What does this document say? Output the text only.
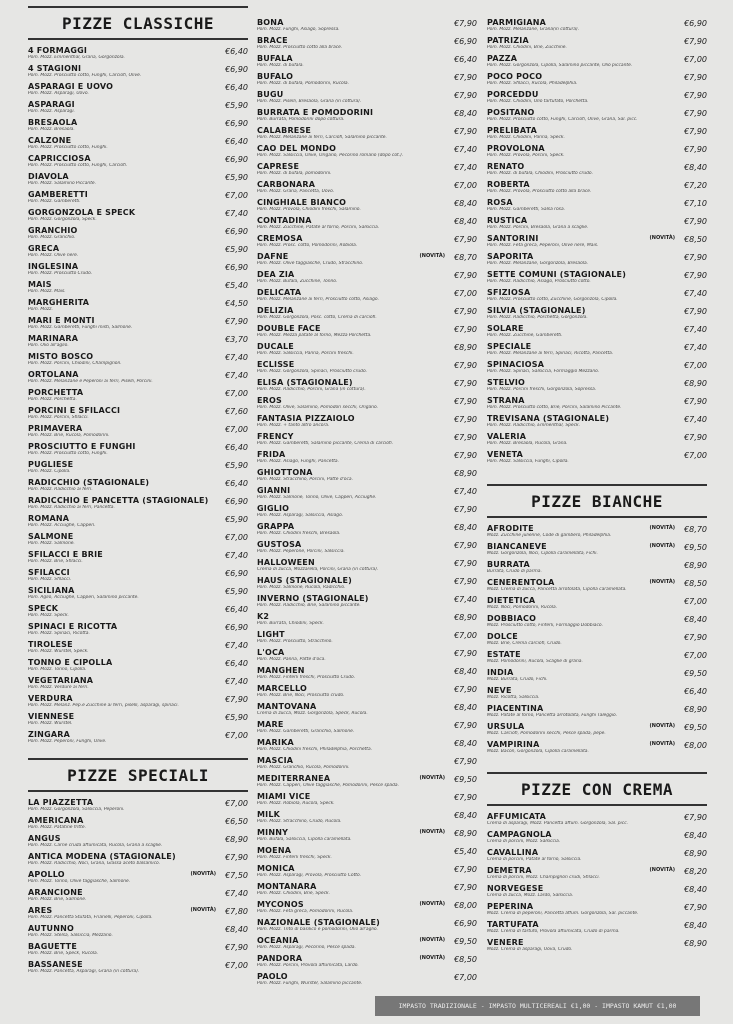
PIZZE CLASSICHE
4 FORMAGGI
Pom. Mozz. Emmenthal, Grana, Gorgonzola.
€6,40
4 STAGIONI
Pom. Mozz. Prosciutto cotto, Funghi, Carciofi, Olive.
€6,90
ASPARAGI E UOVO
Pom. Mozz. Asparagi, Uovo.
€6,40
ASPARAGI
Pom. Mozz. Asparagi.
€5,90
BRESAOLA
Pom. Mozz. Bresaola.
€6,90
CALZONE
Pom. Mozz. Prosciutto cotto, Funghi.
€6,40
CAPRICCIOSA
Pom. Mozz. Prosciutto cotto, Funghi, Carciofi.
€6,90
DIAVOLA
Pom. Mozz. Salamino Piccante.
€5,90
GAMBERETTI
Pom. Mozz. Gamberetti.
€7,00
GORGONZOLA E SPECK
Pom. Mozz. Gorgonzola, Speck.
€7,40
GRANCHIO
Pom. Mozz. Granchio.
€6,90
GRECA
Pom. Mozz. Olive nere.
€5,90
INGLESINA
Pom. Mozz. Prosciutto Crudo.
€6,90
MAIS
Pom. Mozz. Mais.
€5,40
MARGHERITA
Pom. Mozz.
€4,50
MARI E MONTI
Pom. Mozz. Gamberetti, Funghi misti, Salmone.
€7,90
MARINARA
Pom. Olio all'aglio.
€3,70
MISTO BOSCO
Pom. Mozz. Porcini, Chiodini, Champignon.
€7,40
ORTOLANA
Pom. Mozz. Melanzane e Peperoni ai ferri, Piselli, Porcini.
€7,40
PORCHETTA
Pom. Mozz. Porchetta.
€7,00
PORCINI E SFILACCI
Pom. Mozz. Porcini, Sfilacci.
€7,60
PRIMAVERA
Pom. Mozz. Brie, Rucola, Pomodorini.
€7,00
PROSCIUTTO E FUNGHI
Pom. Mozz. Prosciutto cotto, Funghi.
€6,40
PUGLIESE
Pom. Mozz. Cipolla.
€5,90
RADICCHIO (STAGIONALE)
Pom. Mozz. Radicchio ai ferri.
€6,40
RADICCHIO E PANCETTA (STAGIONALE)
Pom. Mozz. Radicchio ai ferri, Pancetta.
€6,90
ROMANA
Pom. Mozz. Acciughe, Capperi.
€5,90
SALMONE
Pom. Mozz. Salmone.
€7,00
SFILACCI E BRIE
Pom. Mozz. Brie, Sfilacci.
€7,40
SFILACCI
Pom. Mozz. Sfilacci.
€6,90
SICILIANA
Pom. Aglio, Acciughe, Capperi, Salamino piccante.
€5,90
SPECK
Pom. Mozz. Speck.
€6,40
SPINACI E RICOTTA
Pom. Mozz. Spinaci, Ricotta.
€6,90
TIROLESE
Pom. Mozz. Würstel, Speck.
€7,40
TONNO E CIPOLLA
Pom. Mozz. Tonno, Cipolla.
€6,40
VEGETARIANA
Pom. Mozz. Verdure ai ferri.
€7,40
VERDURA
Pom. Mozz. Melanz. Pep.e Zucchine ai ferri, piselli, asparagi, spinaci.
€7,90
VIENNESE
Pom. Mozz. Würstel.
€5,90
ZINGARA
Pom. Mozz. Peperoni, Funghi, Olive.
€7,00
PIZZE SPECIALI
LA PIAZZETTA
Pom. Mozz. Gorgonzola, Salsiccia, Peperoni.
€7,00
AMERICANA
Pom. Mozz. Patatine fritte.
€6,50
ANGUS
Pom. Mozz. Carne cruda affumicata, Rucola, Grana a scaglie.
€8,90
ANTICA MODENA (STAGIONALE)
Pom. Mozz. Radicchio, Noci, Grana, Glassa aceto balsamico.
€7,90
APOLLO
Pom. Mozz. Tonno, Olive taggiasche, Salmone.
€7,50
(NOVITÀ)
ARANCIONE
Pom. Mozz. Brie, Salmone.
€7,40
ARES
Pom. Mozz. Pancetta Stufata, Friarielli, Peperoni, Cipolla.
€7,80
(NOVITÀ)
AUTUNNO
Pom. Mozz. Stelsa, Salsiccia, Mezzano.
€8,40
BAGUETTE
Pom. Mozz. Brie, Speck, Rucola.
€7,90
BASSANESE
Pom. Mozz. Pancetta, Asparagi, Grana (in cottura).
€7,00
BONA
Pom. Mozz. Funghi, Asiago, Sopressa.
€7,90
BRACE
Pom. Mozz. Prosciutto cotto alla brace.
€6,90
BUFALA
Pom. Mozz. di bufala.
€6,40
BUFALO
Pom. Mozz. di bufala, Pomodorini, Rucola.
€7,90
BUGU
Pom. Mozz. Piselli, Bresaola, Grana (in cottura).
€7,90
BURRATA E POMODORINI
Pom. Burrata, Pomodorini dopo cottura.
€8,40
CALABRESE
Pom. Mozz. Melanzane ai ferri, Carciofi, Salamino piccante.
€7,90
CAO DEL MONDO
Pom. Mozz. Salsiccia, Olive, Origano, Pecorino romano (dopo cot.).
€7,40
CAPRESE
Pom. Mozz. di bufala, pomodorini.
€7,40
CARBONARA
Pom. Mozz. Grana, Pancetta, Uovo.
€7,00
CINGHIALE BIANCO
Pom. Mozz. Provola, Chiodini freschi, Salamino.
€8,40
CONTADINA
Pom. Mozz. Zucchine, Patate al forno, Porcini, Salsiccia.
€8,40
CREMOSA
Pom. Mozz. Prosc. cotto, Pomodorini, Robiola.
€7,90
DAFNE
Pom. Mozz. Olive taggiasche, Crudo, Stracchino.
€8,70
(NOVITÀ)
DEA ZIA
Pom. Mozz. Bufala, Zucchine, Tonno.
€7,90
DELICATA
Pom. Mozz. Melanzane ai ferri, Prosciutto cotto, Asiago.
€7,00
DELIZIA
Pom. Mozz. Gorgonzola, Posc. cotto, Crema di carciofi.
€7,90
DOUBLE FACE
Pom. Mozz. Mezza patate al forno, Mezza Porchetta.
€7,90
DUCALE
Pom. Mozz. Salsiccia, Panna, Porcini freschi.
€8,90
ECLISSE
Pom. Mozz. Gorgonzola, Spinaci, Prosciutto crudo.
€7,90
ELISA (STAGIONALE)
Pom. Mozz. Radicchio, Porcini, Grana (in cottura).
€7,90
EROS
Pom. Mozz. Olive, Salamino, Pomodori secchi, Origano.
€7,90
FANTASIA PIZZAIOLO
Pom. Mozz. + tanto altro ancora.
€7,90
FRENCY
Pom. Mozz. Gamberetti, Salamino piccante, Crema di carciofi.
€7,90
FRIDA
Pom. Mozz. Asiago, Funghi, Pancetta.
€7,90
GHIOTTONA
Pom. Mozz. Stracchino, Porcini, Patte d'oca.
€8,90
GIANNI
Pom. Mozz. Salmone, Tonno, Olive, Capperi, Acciughe.
€7,40
GIGLIO
Pom. Mozz. Asparagi, Salsiccia, Asiago.
€7,90
GRAPPA
Pom. Mozz. Chiodini freschi, Bresaola.
€8,40
GUSTOSA
Pom. Mozz. Peperone, Porcini, Salsiccia.
€7,90
HALLOWEEN
Crema di zucca, Mozzarella, Porcini, Grana (in cottura).
€7,90
HAUS (STAGIONALE)
Pom. Mozz. Salmone, Rucola, Radicchio.
€7,90
INVERNO (STAGIONALE)
Pom. Mozz. Radicchio, Brie, Salamino piccante.
€7,40
K2
Pom. Burrata, Chiodini, Speck.
€8,90
LIGHT
Pom. Mozz. Prosciutto, Stracchino.
€7,00
L'OCA
Pom. Mozz. Panna, Patte d'oca.
€7,90
MANGHEN
Pom. Mozz. Finferli freschi, Prosciutto Crudo.
€8,40
MARCELLO
Pom. Mozz. Brie, Noci, Prosciutto crudo.
€7,90
MANTOVANA
Crema di zucca, Mozz. Gorgonzola, Speck, Rucola.
€8,40
MARE
Pom. Mozz. Gamberetti, Granchio, Salmone.
€7,90
MARIKA
Pom. Mozz. Chiodini freschi, Philadelphia, Porchetta.
€8,40
MASCIA
Pom. Mozz. Granchio, Rucola, Pomodorini.
€7,90
MEDITERRANEA
Pom. Mozz. Capperi, Olive taggiasche, Pomodorini, Pesce spada.
€9,50
(NOVITÀ)
MIAMI VICE
Pom. Mozz. Robiola, Rucola, Speck.
€7,90
MILK
Pom. Mozz. Stracchino, Crudo, Rucola.
€8,40
MINNY
Pom. Bufala, Salsiccia, Cipolla caramellata.
€8,90
(NOVITÀ)
MOENA
Pom. Mozz. Finferli freschi, Speck.
€5,40
MONICA
Pom. Mozz. Asparagi, Provola, Prosciutto Cotto.
€7,90
MONTANARA
Pom. Mozz. Chiodini, Brie, Speck.
€7,90
MYCONOS
Pom. Mozz. Feta greca, Pomodorini, Rucola.
€8,00
(NOVITÀ)
NAZIONALE (STAGIONALE)
Pom. Mozz. Trito di basilico e pomodorini, Olio all'aglio.
€6,90
OCEANIA
Pom. Mozz. Asparagi, Pecorino, Pesce spada.
€9,50
(NOVITÀ)
PANDORA
Pom. Mozz. Porcini, Provola affumicata, Lardo.
€8,50
(NOVITÀ)
PAOLO
Pom. Mozz. Funghi, Würstel, Salamino piccante.
€7,00
PARMIGIANA
Pom. Mozz. Melanzane, Grana(in cottura).
€6,90
PATRIZIA
Pom. Mozz. Chiodini, Brie, Zucchine.
€7,90
PAZZA
Pom. Mozz. Gorgonzola, Cipolla, Salamino piccante, Olio piccante.
€7,00
POCO POCO
Pom. Mozz. Sfilacci, Rucola, Philadelphia.
€7,90
PORCEDDU
Pom. Mozz. Chiodini, Olio tartufato, Porchetta.
€7,90
POSITANO
Pom. Mozz. Prosciutto cotto, Funghi, Carciofi, Olive, Grana, Sal. picc.
€7,90
PRELIBATA
Pom. Mozz. Chiodini, Panna, Speck.
€7,90
PROVOLONA
Pom. Mozz. Provola, Porcini, Speck.
€7,90
RENATO
Pom. Mozz. di bufala, Chiodini, Prosciutto crudo.
€8,40
ROBERTA
Pom. Mozz. Provola, Prosciutto cotto alla brace.
€7,20
ROSA
Pom. Mozz. Gamberetti, Salsa rosa.
€7,10
RUSTICA
Pom. Mozz. Porcini, Bresaola, Grana a scaglie.
€7,90
SANTORINI
Pom. Mozz. Feta greca, Peperoni, Olive nere, Mais.
€8,50
(NOVITÀ)
SAPORITA
Pom. Mozz. Melanzane, Gorgonzola, Bresaola.
€7,90
SETTE COMUNI (STAGIONALE)
Pom. Mozz. Radicchio, Asiago, Prosciutto cotto.
€7,90
SFIZIOSA
Pom. Mozz. Prosciutto cotto, Zucchine, Gorgonzola, Cipolla.
€7,40
SILVIA (STAGIONALE)
Pom. Mozz. Radicchio, Porchetta, Gorgonzola.
€7,90
SOLARE
Pom. Mozz. Zucchine, Gamberetti.
€7,40
SPECIALE
Pom. Mozz. Melanzane ai ferri, Spinaci, Ricotta, Pancetta.
€7,40
SPINACIOSA
Pom. Mozz. Spinaci, Salsiccia, Formaggio Mezzano.
€7,00
STELVIO
Pom. Mozz. Porcini freschi, Gorgonzola, Sopressa.
€8,90
STRANA
Pom. Mozz. Prosciutto cotto, Brie, Porcini, Salamino Piccante.
€7,90
TREVISANA (STAGIONALE)
Pom. Mozz. Radicchio, Emmenthal, Speck.
€7,40
VALERIA
Pom. Mozz. Bresaola, Rucola, Grana.
€7,90
VENETA
Pom. Mozz. Salsiccia, Funghi, Cipolla.
€7,00
PIZZE BIANCHE
AFRODITE
Mozz. Zucchine julienne, Code di gambero, Philadelphia.
€8,70
(NOVITÀ)
BIANCANEVE
Mozz. Gorgonzola, Noci, Cipolla caramellata, Fichi.
€9,50
(NOVITÀ)
BURRATA
Burrata, Crudo di parma.
€8,90
CENERENTOLA
Mozz. Crema di zucca, Pancetta arrotolata, Cipolla caramellata.
€8,50
(NOVITÀ)
DIETETICA
Mozz. Noci, Pomodorini, Rucola.
€7,00
DOBBIACO
Mozz. Prosciutto cotto, Finferli, Formaggio Dobbiaco.
€8,40
DOLCE
Mozz. Brie, Crema carciofi, Crudo.
€7,90
ESTATE
Mozz. Pomodorini, Rucola, Scaglie di grana.
€7,00
INDIA
Mozz. Burrata, Crudo, Fichi.
€9,50
NEVE
Mozz. Ricotta, Salsiccia.
€6,40
PIACENTINA
Mozz. Patate al forno, Pancetta arrotolata, Funghi Taleggio.
€8,90
URSULA
Mozz. Carciofi, Pomodorini secchi, Pesce spada, pepe.
€9,50
(NOVITÀ)
VAMPIRINA
Mozz. Bacon, Gorgonzola, Cipolla caramellata.
€8,00
(NOVITÀ)
PIZZE CON CREMA
AFFUMICATA
Crema di asparagi, Mozz. Pancetta affum. Gorgonzola, Sal. picc.
€7,90
CAMPAGNOLA
Crema di porcini, Mozz. Salsiccia.
€8,40
CAVALLINA
Crema di porcini, Patate al forno, Salsiccia.
€8,90
DEMETRA
Crema di porcini, Mozz. Champignon crudi, Sfilacci.
€8,20
(NOVITÀ)
NORVEGESE
Crema di zucca, Mozz. Lardo, Salsiccia.
€8,40
PEPERINA
Mozz. Crema di peperoni, Pancetta affum. Gorgonzola, Sal. piccante.
€7,90
TARTUFATA
Mozz. Crema di tartufo, Provola affumicata, Crudo di parma.
€8,40
VENERE
Mozz. Crema di asparagi, Uova, Crudo.
€8,90
IMPASTO TRADIZIONALE - IMPASTO MULTICEREALI €1,00 - IMPASTO KAMUT €1,00
